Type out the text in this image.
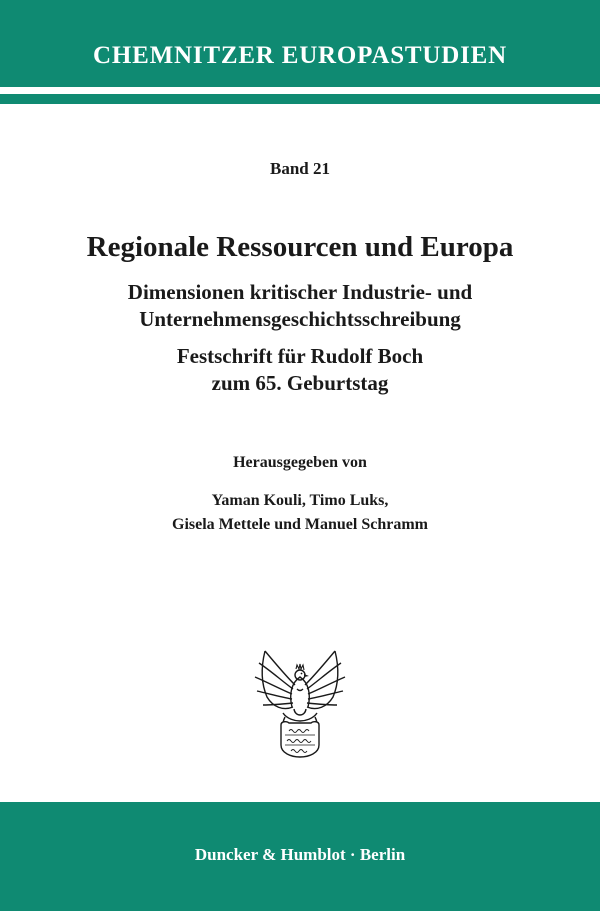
CHEMNITZER EUROPASTUDIEN
Band 21
Regionale Ressourcen und Europa
Dimensionen kritischer Industrie- und
Unternehmensgeschichtsschreibung
Festschrift für Rudolf Boch
zum 65. Geburtstag
Herausgegeben von
Yaman Kouli, Timo Luks,
Gisela Mettele und Manuel Schramm
Duncker & Humblot · Berlin
